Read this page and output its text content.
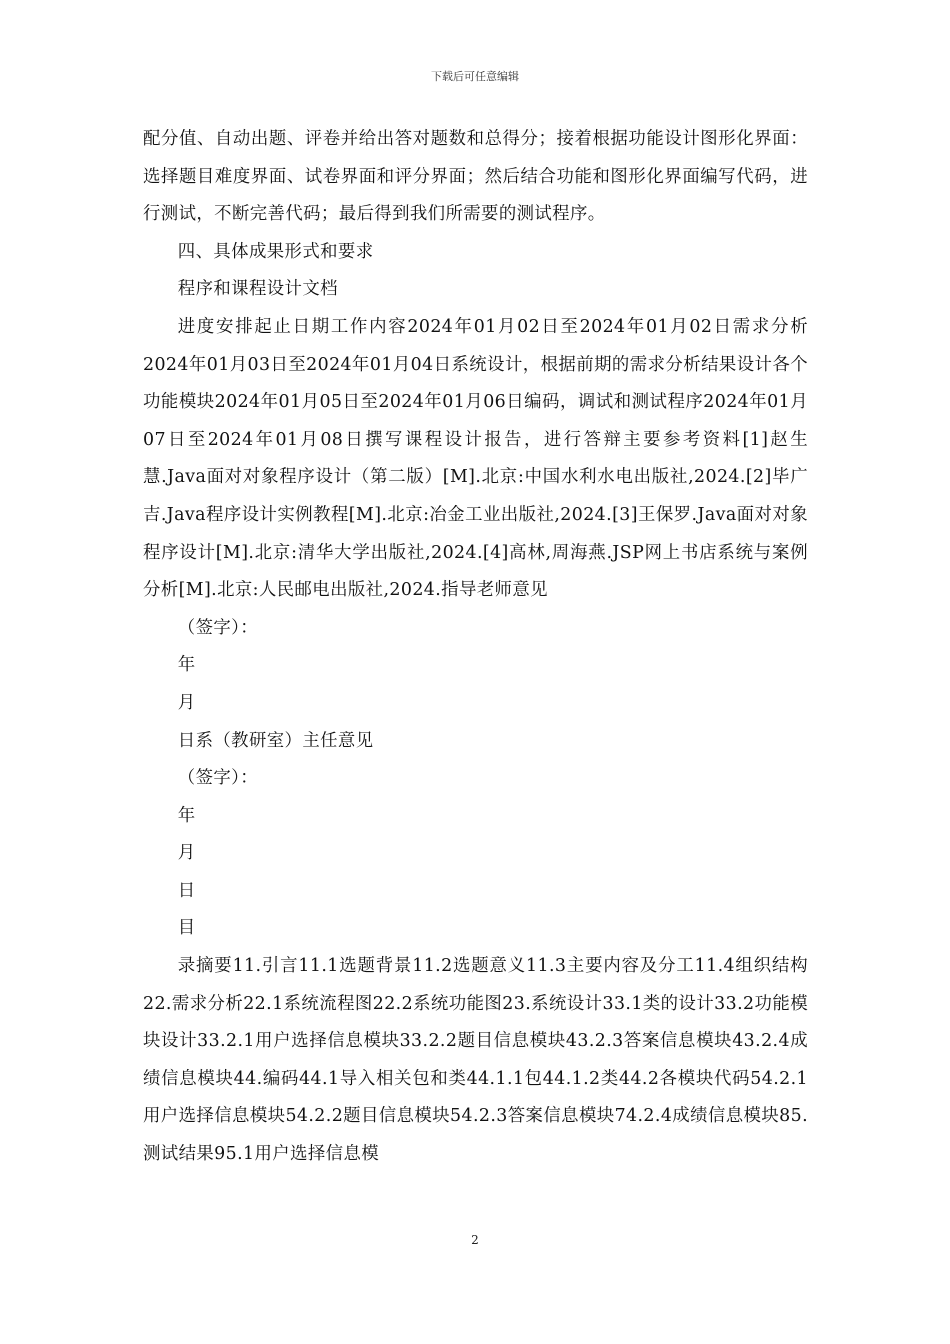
下载后可任意编辑

配分值、自动出题、评卷并给出答对题数和总得分；接着根据功能设计图形化界面：选择题目难度界面、试卷界面和评分界面；然后结合功能和图形化界面编写代码，进行测试，不断完善代码；最后得到我们所需要的测试程序。

四、具体成果形式和要求

程序和课程设计文档

进度安排起止日期工作内容2024年01月02日至2024年01月02日需求分析2024年01月03日至2024年01月04日系统设计，根据前期的需求分析结果设计各个功能模块2024年01月05日至2024年01月06日编码，调试和测试程序2024年01月07日至2024年01月08日撰写课程设计报告，进行答辩主要参考资料[1]赵生慧.Java面对对象程序设计（第二版）[M].北京:中国水利水电出版社,2024.[2]毕广吉.Java程序设计实例教程[M].北京:冶金工业出版社,2024.[3]王保罗.Java面对对象程序设计[M].北京:清华大学出版社,2024.[4]高林,周海燕.JSP网上书店系统与案例分析[M].北京:人民邮电出版社,2024.指导老师意见

（签字）：

年

月

日系（教研室）主任意见

（签字）：

年

月

日

目

录摘要11.引言11.1选题背景11.2选题意义11.3主要内容及分工11.4组织结构22.需求分析22.1系统流程图22.2系统功能图23.系统设计33.1类的设计33.2功能模块设计33.2.1用户选择信息模块33.2.2题目信息模块43.2.3答案信息模块43.2.4成绩信息模块44.编码44.1导入相关包和类44.1.1包44.1.2类44.2各模块代码54.2.1用户选择信息模块54.2.2题目信息模块54.2.3答案信息模块74.2.4成绩信息模块85.测试结果95.1用户选择信息模

2
